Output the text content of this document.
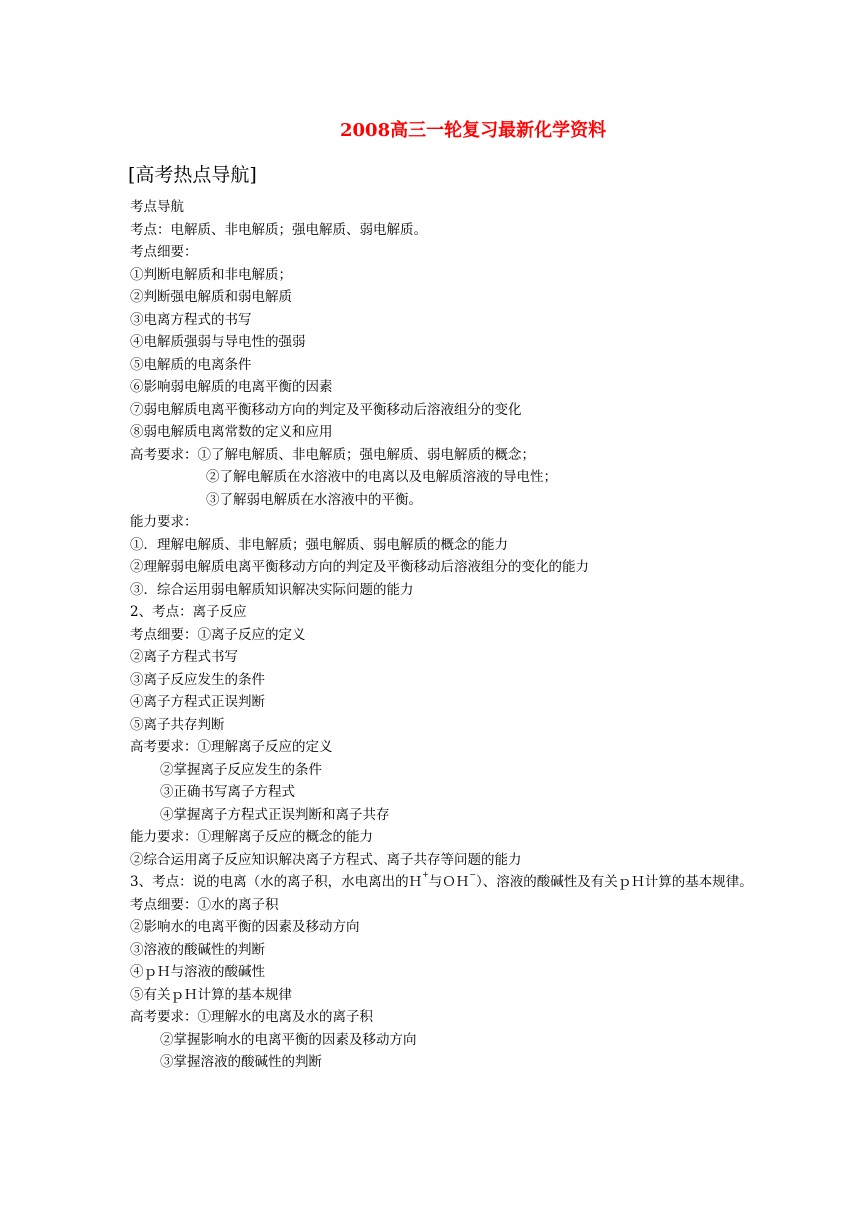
2008高三一轮复习最新化学资料
[高考热点导航]
考点导航
考点：电解质、非电解质；强电解质、弱电解质。
考点细要：
①判断电解质和非电解质；
②判断强电解质和弱电解质
③电离方程式的书写
④电解质强弱与导电性的强弱
⑤电解质的电离条件
⑥影响弱电解质的电离平衡的因素
⑦弱电解质电离平衡移动方向的判定及平衡移动后溶液组分的变化
⑧弱电解质电离常数的定义和应用
高考要求：①了解电解质、非电解质；强电解质、弱电解质的概念；
②了解电解质在水溶液中的电离以及电解质溶液的导电性；
③了解弱电解质在水溶液中的平衡。
能力要求：
①．理解电解质、非电解质；强电解质、弱电解质的概念的能力
②理解弱电解质电离平衡移动方向的判定及平衡移动后溶液组分的变化的能力
③．综合运用弱电解质知识解决实际问题的能力
2、考点：离子反应
考点细要：①离子反应的定义
②离子方程式书写
③离子反应发生的条件
④离子方程式正误判断
⑤离子共存判断
高考要求：①理解离子反应的定义
②掌握离子反应发生的条件
③正确书写离子方程式
④掌握离子方程式正误判断和离子共存
能力要求：①理解离子反应的概念的能力
②综合运用离子反应知识解决离子方程式、离子共存等问题的能力
3、考点：说的电离（水的离子积，水电离出的Ｈ+与ＯＨ−）、溶液的酸碱性及有关ｐＨ计算的基本规律。
考点细要：①水的离子积
②影响水的电离平衡的因素及移动方向
③溶液的酸碱性的判断
④ｐＨ与溶液的酸碱性
⑤有关ｐＨ计算的基本规律
高考要求：①理解水的电离及水的离子积
②掌握影响水的电离平衡的因素及移动方向
③掌握溶液的酸碱性的判断
